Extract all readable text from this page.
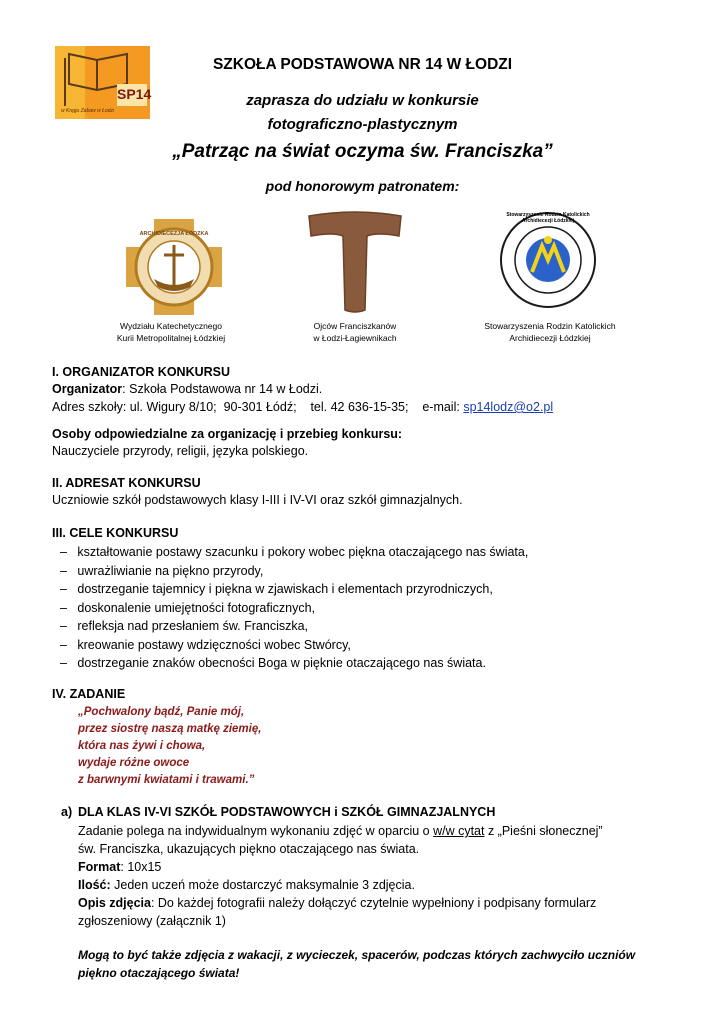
SP14
w Kręgu Zabaw w Łodzi
SZKOŁA PODSTAWOWA NR 14 W ŁODZI
zaprasza do udziału w konkursie
fotograficzno-plastycznym
„Patrząc na świat oczyma św. Franciszka”
pod honorowym patronatem:
ARCHIDIECEZJA ŁÓDZKA
Wydziału Katechetycznego
Kurii Metropolitalnej Łódzkiej
Ojców Franciszkanów
w Łodzi-Łagiewnikach
Stowarzyszenie Rodzin Katolickich Archidiecezji Łódzkiej
Stowarzyszenia Rodzin Katolickich
Archidiecezji Łódzkiej
I. ORGANIZATOR KONKURSU
Organizator: Szkoła Podstawowa nr 14 w Łodzi.
Adres szkoły: ul. Wigury 8/10;  90-301 Łódź;    tel. 42 636-15-35;    e-mail: sp14lodz@o2.pl
Osoby odpowiedzialne za organizację i przebieg konkursu:
Nauczyciele przyrody, religii, języka polskiego.
II. ADRESAT KONKURSU
Uczniowie szkół podstawowych klasy I-III i IV-VI oraz szkół gimnazjalnych.
III. CELE KONKURSU
– kształtowanie postawy szacunku i pokory wobec piękna otaczającego nas świata,
– uwrażliwianie na piękno przyrody,
– dostrzeganie tajemnicy i piękna w zjawiskach i elementach przyrodniczych,
– doskonalenie umiejętności fotograficznych,
– refleksja nad przesłaniem św. Franciszka,
– kreowanie postawy wdzięczności wobec Stwórcy,
– dostrzeganie znaków obecności Boga w pięknie otaczającego nas świata.
IV. ZADANIE
„Pochwalony bądź, Panie mój,
przez siostrę naszą matkę ziemię,
która nas żywi i chowa,
wydaje różne owoce
z barwnymi kwiatami i trawami.”
a) DLA KLAS IV-VI SZKÓŁ PODSTAWOWYCH i SZKÓŁ GIMNAZJALNYCH
Zadanie polega na indywidualnym wykonaniu zdjęć w oparciu o w/w cytat z „Pieśni słonecznej”
św. Franciszka, ukazujących piękno otaczającego nas świata.
Format: 10x15
Ilość: Jeden uczeń może dostarczyć maksymalnie 3 zdjęcia.
Opis zdjęcia: Do każdej fotografii należy dołączyć czytelnie wypełniony i podpisany formularz
zgłoszeniowy (załącznik 1)
Mogą to być także zdjęcia z wakacji, z wycieczek, spacerów, podczas których zachwyciło uczniów
piękno otaczającego świata!
